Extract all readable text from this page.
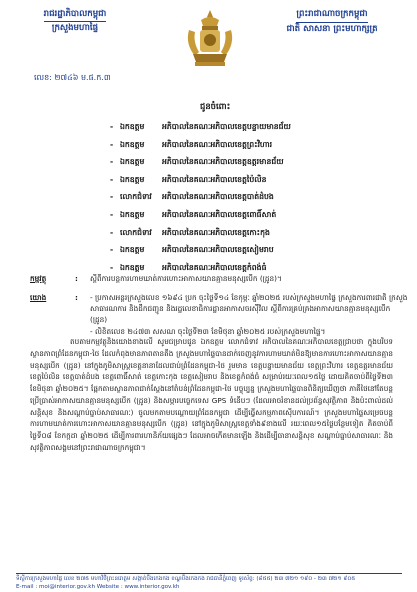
រាជរដ្ឋាភិបាលកម្ពុជា

ក្រសួងមហាផ្ទៃ
ព្រះរាជាណាចក្រកម្ពុជា

ជាតិ សាសនា ព្រះមហាក្សត្រ
លេខ: ២៧៤៦ ម.ផ.ក.៣
ជូនចំពោះ
- ឯកឧត្តម	អភិបាលនៃគណៈអភិបាលខេត្តបន្ទាយមានជ័យ
- ឯកឧត្តម	អភិបាលនៃគណៈអភិបាលខេត្តព្រះវិហារ
- ឯកឧត្តម	អភិបាលនៃគណៈអភិបាលខេត្តឧត្តរមានជ័យ
- ឯកឧត្តម	អភិបាលនៃគណៈអភិបាលខេត្តប៉ៃលិន
- លោកជំទាវ	អភិបាលនៃគណៈអភិបាលខេត្តបាត់ដំបង
- ឯកឧត្តម	អភិបាលនៃគណៈអភិបាលខេត្តពោធិ៍សាត់
- លោកជំទាវ	អភិបាលនៃគណៈអភិបាលខេត្តកោះកុង
- ឯកឧត្តម	អភិបាលនៃគណៈអភិបាលខេត្តសៀមរាប
- ឯកឧត្តម	អភិបាលនៃគណៈអភិបាលខេត្តកំពង់ធំ
កម្មវត្ថុ	: ស្តីពីការបន្តការហាមឃាត់ការហោះអាកាសយានគ្មានមនុស្សបើក (ដ្រូន)។
យោង	: - ប្រកាសអន្តរក្រសួងលេខ ១៦៩៤ ប្រក ចុះថ្ងៃទី១៤ ខែកុម្ភៈ ឆ្នាំ២០២៥ របស់ក្រសួងមហាផ្ទៃ ក្រសួងការពារជាតិ ក្រសួងសាធារណការ និងដឹកជញ្ជូន និងរដ្ឋលេខាធិការដ្ឋានអាកាសចរស៊ីវិល ស្តីពីការគ្រប់គ្រងអាកាសយានគ្មានមនុស្សបើក (ដ្រូន)
- លិខិតលេខ ២៤៧៣ សសណ ចុះថ្ងៃទី២៣ ខែមិថុនា ឆ្នាំ២០២៥ របស់ក្រសួងមហាផ្ទៃ។
តបតាមកម្មវត្ថុនិងយោងខាងលើ សូមជម្រាបជូន ឯកឧត្តម លោកជំទាវ អភិបាលនៃគណៈអភិបាលខេត្តជ្រាបថា ក្នុងបរិបទស្ថានភាពព្រំដែនកម្ពុជា-ថៃ ដែលកំពុងមានភាពតានតឹង ក្រសួងមហាផ្ទៃបានដាក់ចេញនូវការហាមឃាត់មិនឱ្យមានការហោះអាកាសយានគ្មានមនុស្សបើក (ដ្រូន) នៅក្នុងភូមិសាស្ត្រខេត្តនានាដែលជាប់ព្រំដែនកម្ពុជា-ថៃ រួមមាន ខេត្តបន្ទាយមានជ័យ ខេត្តព្រះវិហារ ខេត្តឧត្តរមានជ័យ ខេត្តប៉ៃលិន ខេត្តបាត់ដំបង ខេត្តពោធិ៍សាត់ ខេត្តកោះកុង ខេត្តសៀមរាប និងខេត្តកំពង់ធំ សម្រាប់រយៈពេល១៥ថ្ងៃ ដោយគិតចាប់ពីថ្ងៃទី២៣ ខែមិថុនា ឆ្នាំ២០២៥។ ផ្អែកតាមស្ថានភាពជាក់ស្តែងនៅតំបន់ព្រំដែនកម្ពុជា-ថៃ បច្ចុប្បន្ន ក្រសួងមហាផ្ទៃបានពិនិត្យឃើញថា ភាគីថៃនៅតែបន្តប្រើប្រាស់អាកាសយានគ្មានមនុស្សបើក (ដ្រូន) និងសម្ភារបច្ចេកទេស GPS ទំនើបៗ (ដែលអាចរំខានដល់ប្រព័ន្ធសុវត្ថិភាព និងប៉ះពាល់ដល់សន្តិសុខ និងសណ្តាប់ធ្នាប់សាធារណៈ) ចូលមកតាមបណ្តោយព្រំដែនកម្ពុជា ដើម្បីធ្វើសកម្មភាពស៊ើបការណ៍។ ក្រសួងមហាផ្ទៃសម្រេចបន្តការហាមឃាត់ការហោះអាកាសយានគ្មានមនុស្សបើក (ដ្រូន) នៅក្នុងភូមិសាស្ត្រខេត្តទាំង៩ខាងលើ រយៈពេល១៥ថ្ងៃបន្ថែមទៀត គិតចាប់ពីថ្ងៃទី០៨ ខែកក្កដា ឆ្នាំ២០២៥ ដើម្បីការពារហានិភ័យផ្សេងៗ ដែលអាចកើតមានឡើង និងដើម្បីធានាសន្តិសុខ សណ្តាប់ធ្នាប់សាធារណៈ និងសុវត្ថិភាពសង្គមនៅព្រះរាជាណាចក្រកម្ពុជា។
ទីស្តីការក្រសួងមហាផ្ទៃ លេខ ២៧៥ មហាវិថីព្រះនរោត្តម សង្កាត់បឹងកេងកង ខណ្ឌបឹងកេងកង រាជធានីភ្នំពេញ ទូរស័ព្ទ: (៨៥៥) ២៣ ៧២១ ១៩០ - ២៣ ៧២១ ៩០៥
E-mail : moi@interior.gov.kh Website : www.interior.gov.kh
